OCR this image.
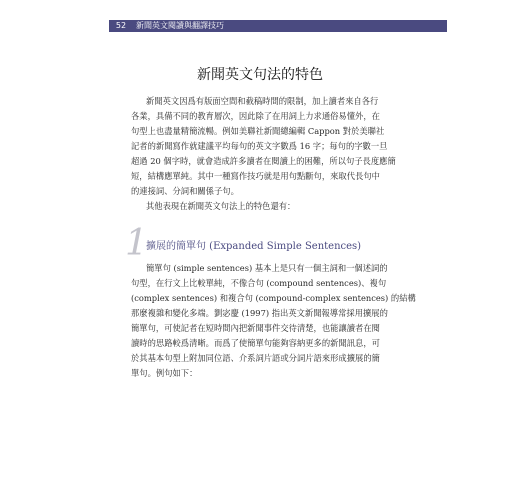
52	新聞英文閱讀與翻譯技巧
新聞英文句法的特色
新聞英文因爲有版面空間和截稿時間的限制，加上讀者來自各行
各業，具備不同的教育層次，因此除了在用詞上力求通俗易懂外，在
句型上也盡量精簡流暢。例如美聯社新聞總編輯 Cappon 對於美聯社
記者的新聞寫作就建議平均每句的英文字數爲 16 字；每句的字數一旦
超過 20 個字時，就會造成許多讀者在閱讀上的困難，所以句子長度應簡
短，結構應單純。其中一種寫作技巧就是用句點斷句，來取代長句中
的連接詞、分詞和關係子句。
其他表現在新聞英文句法上的特色還有：
1
擴展的簡單句 (Expanded Simple Sentences)
簡單句 (simple sentences) 基本上是只有一個主詞和一個述詞的
句型，在行文上比較單純，不像合句 (compound sentences)、複句
(complex sentences) 和複合句 (compound-complex sentences) 的結構
那麼複雜和變化多端。劉宓慶 (1997) 指出英文新聞報導常採用擴展的
簡單句，可使記者在短時間內把新聞事件交待清楚，也能讓讀者在閱
讀時的思路較爲清晰。而爲了使簡單句能夠容納更多的新聞訊息，可
於其基本句型上附加同位語、介系詞片語或分詞片語來形成擴展的簡
單句。例句如下：
